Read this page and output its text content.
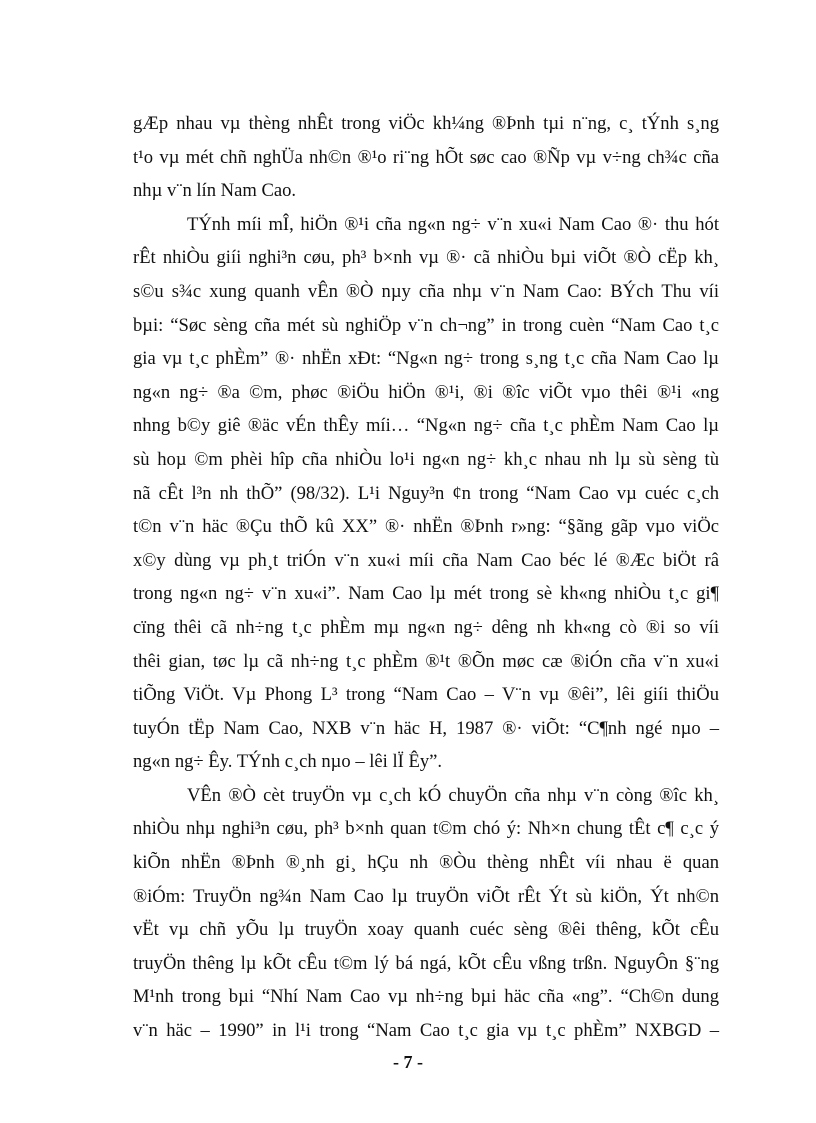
gÆp nhau vµ thèng nhÊt trong viÖc kh¼ng ®Þnh tµi n¨ng, c¸ tÝnh s¸ng
t¹o vµ mét chñ nghÜa nh©n ®¹o ri¨ng hÕt søc cao ®Ñp vµ v÷ng ch¾c cña
nhµ v¨n lín Nam Cao.
TÝnh míi mÎ, hiÖn ®¹i cña ng«n ng÷ v¨n xu«i Nam Cao ®· thu hót
rÊt nhiÒu giíi nghi³n cøu, ph³ b×nh vµ ®· cã nhiÒu bµi viÕt ®Ò cËp kh¸
s©u s¾c xung quanh vÊn ®Ò nµy cña nhµ v¨n Nam Cao: BÝch Thu víi
bµi: “Søc sèng cña mét sù nghiÖp v¨n ch¬ng” in trong cuèn “Nam Cao t¸c
gia vµ t¸c phÈm” ®· nhËn xÐt: “Ng«n ng÷ trong s¸ng t¸c cña Nam Cao lµ
ng«n ng÷ ®a ©m, phøc ®iÖu hiÖn ®¹i, ®i ®îc viÕt vµo thêi ®¹i «ng
nhng b©y giê ®äc vÉn thÊy míi… “Ng«n ng÷ cña t¸c phÈm Nam Cao lµ
sù hoµ ©m phèi hîp cña nhiÒu lo¹i ng«n ng÷ kh¸c nhau nh lµ sù sèng tù
nã cÊt l³n nh thÕ” (98/32). L¹i Nguy³n ¢n trong “Nam Cao vµ cuéc c¸ch
t©n v¨n häc ®Çu thÕ kû XX” ®· nhËn ®Þnh r»ng: “§ãng gãp vµo viÖc
x©y dùng vµ ph¸t triÓn v¨n xu«i míi cña Nam Cao béc lé ®Æc biÖt râ
trong ng«n ng÷ v¨n xu«i”. Nam Cao lµ mét trong sè kh«ng nhiÒu t¸c gi¶
cïng thêi cã nh÷ng t¸c phÈm mµ ng«n ng÷ dêng nh kh«ng cò ®i so víi
thêi gian, tøc lµ cã nh÷ng t¸c phÈm ®¹t ®Õn møc cæ ®iÓn cña v¨n xu«i
tiÕng ViÖt. Vµ Phong L³ trong “Nam Cao – V¨n vµ ®êi”, lêi giíi thiÖu
tuyÓn tËp Nam Cao, NXB v¨n häc H, 1987 ®· viÕt: “C¶nh ngé nµo –
ng«n ng÷ Êy. TÝnh c¸ch nµo – lêi lÏ Êy”.
VÊn ®Ò cèt truyÖn vµ c¸ch kÓ chuyÖn cña nhµ v¨n còng ®îc kh¸
nhiÒu nhµ nghi³n cøu, ph³ b×nh quan t©m chó ý: Nh×n chung tÊt c¶ c¸c ý
kiÕn nhËn ®Þnh ®¸nh gi¸ hÇu nh ®Òu thèng nhÊt víi nhau ë quan
®iÓm: TruyÖn ng¾n Nam Cao lµ truyÖn viÕt rÊt Ýt sù kiÖn, Ýt nh©n
vËt vµ chñ yÕu lµ truyÖn xoay quanh cuéc sèng ®êi thêng, kÕt cÊu
truyÖn thêng lµ kÕt cÊu t©m lý bá ngá, kÕt cÊu vßng trßn. NguyÔn §¨ng
M¹nh trong bµi “Nhí Nam Cao vµ nh÷ng bµi häc cña «ng”. “Ch©n dung
v¨n häc – 1990” in l¹i trong “Nam Cao t¸c gia vµ t¸c phÈm” NXBGD –
- 7 -
